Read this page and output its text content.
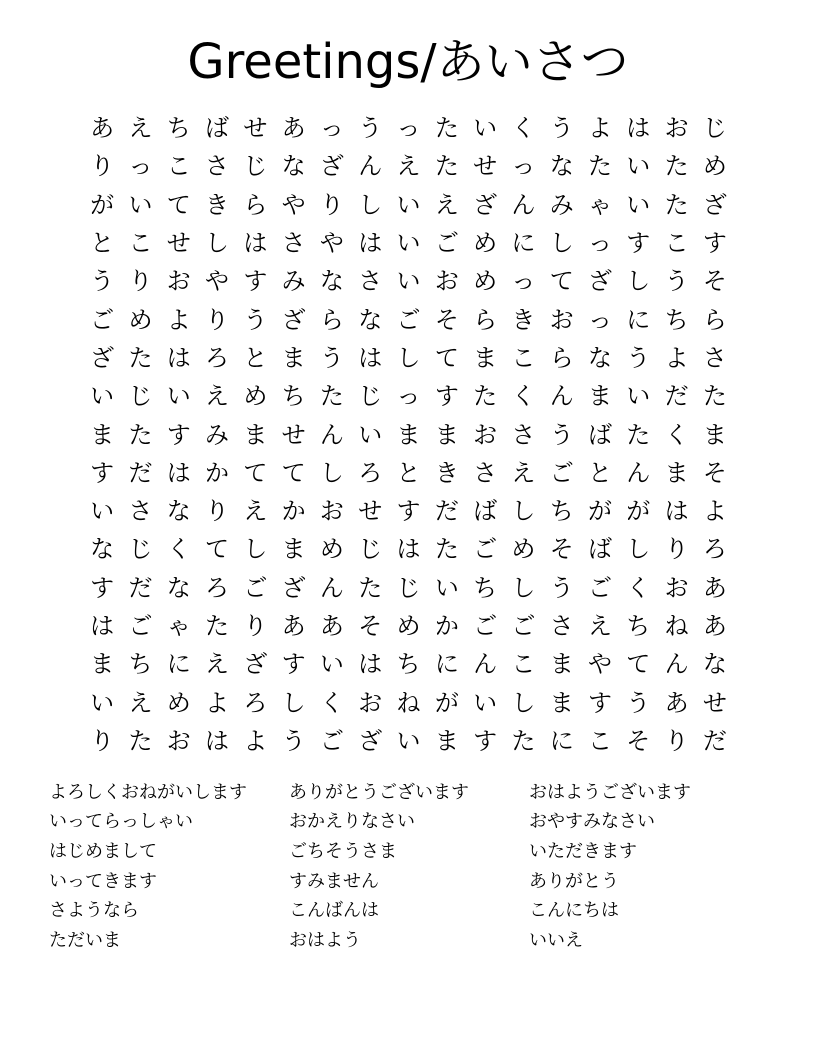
Greetings/あいさつ
あ え ち ば せ あ っ う っ た い く う よ は お じ
り っ こ さ じ な ざ ん え た せ っ な た い た め
が い て き ら や り し い え ざ ん み ゃ い た ざ
と こ せ し は さ や は い ご め に し っ す こ す
う り お や す み な さ い お め っ て ざ し う そ
ご め よ り う ざ ら な ご そ ら き お っ に ち ら
ざ た は ろ と ま う は し て ま こ ら な う よ さ
い じ い え め ち た じ っ す た く ん ま い だ た
ま た す み ま せ ん い ま ま お さ う ば た く ま
す だ は か て て し ろ と き さ え ご と ん ま そ
い さ な り え か お せ す だ ば し ち が が は よ
な じ く て し ま め じ は た ご め そ ば し り ろ
す だ な ろ ご ざ ん た じ い ち し う ご く お あ
は ご ゃ た り あ あ そ め か ご ご さ え ち ね あ
ま ち に え ざ す い は ち に ん こ ま や て ん な
い え め よ ろ し く お ね が い し ま す う あ せ
り た お は よ う ご ざ い ま す た に こ そ り だ
よろしくおねがいします	ありがとうございます	おはようございます
いってらっしゃい	おかえりなさい	おやすみなさい
はじめまして	ごちそうさま	いただきます
いってきます	すみません	ありがとう
さようなら	こんばんは	こんにちは
ただいま	おはよう	いいえ
